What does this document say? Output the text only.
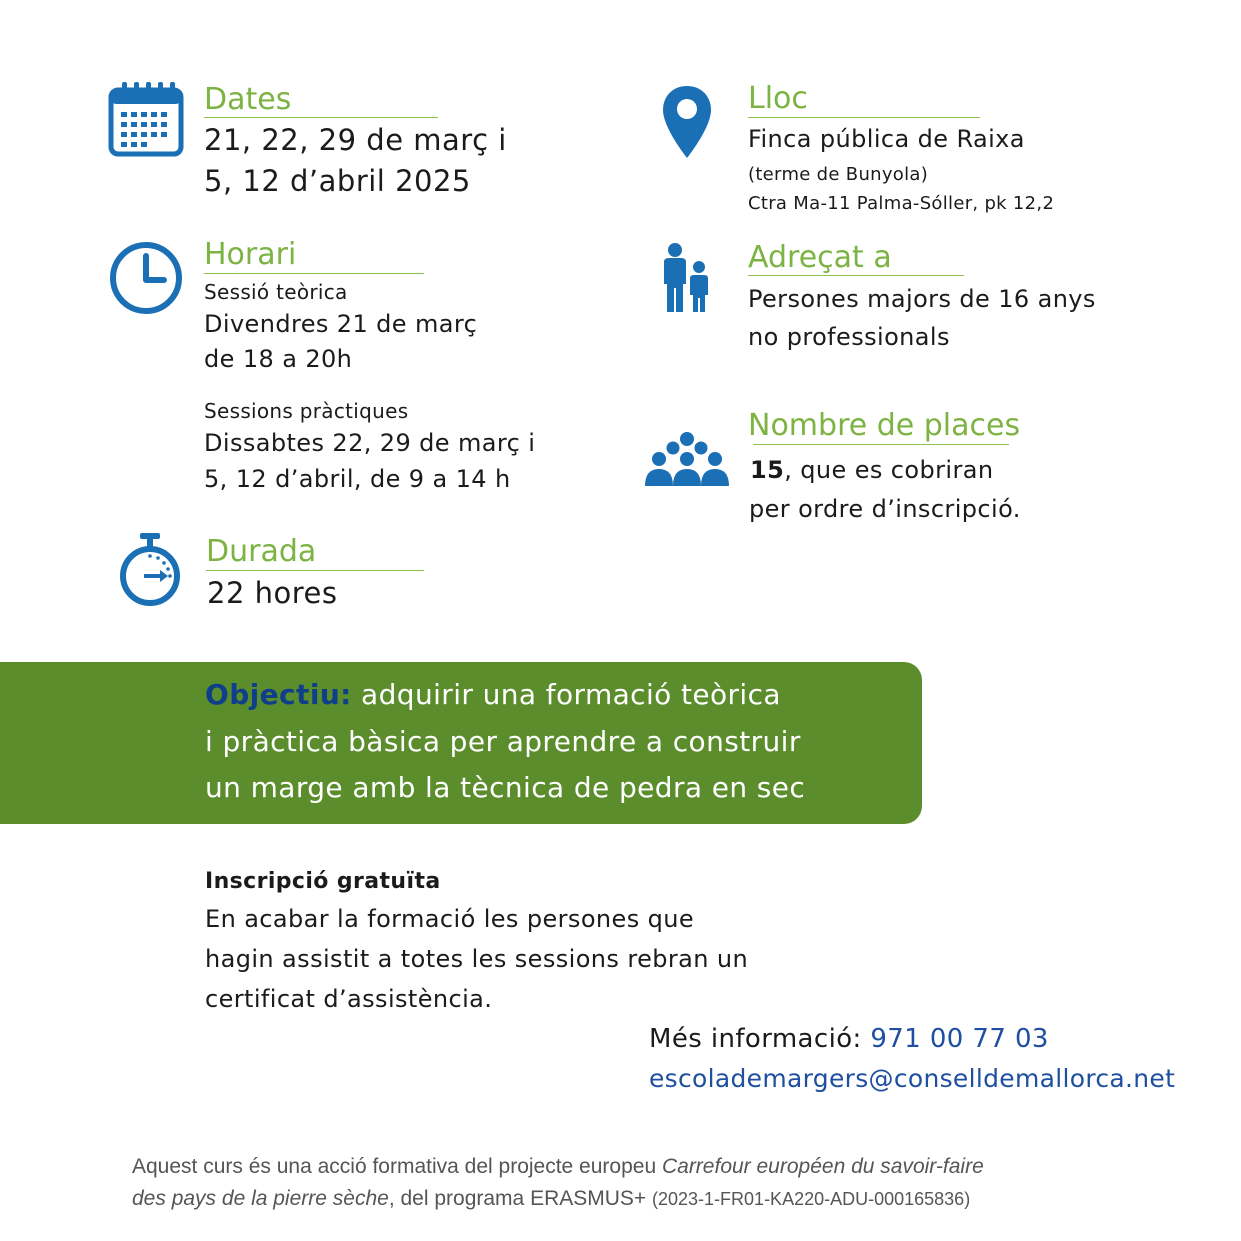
Dates
21, 22, 29 de març i
5, 12 d’abril 2025
Horari
Sessió teòrica
Divendres 21 de març
de 18 a 20h
Sessions pràctiques
Dissabtes 22, 29 de març i
5, 12 d’abril, de 9 a 14 h
Durada
22 hores
Lloc
Finca pública de Raixa
(terme de Bunyola)
Ctra Ma-11 Palma-Sóller, pk 12,2
Adreçat a
Persones majors de 16 anys
no professionals
Nombre de places
15, que es cobriran
per ordre d’inscripció.
Objectiu: adquirir una formació teòrica
i pràctica bàsica per aprendre a construir
un marge amb la tècnica de pedra en sec
Inscripció gratuïta
En acabar la formació les persones que
hagin assistit a totes les sessions rebran un
certificat d’assistència.
Més informació: 971 00 77 03
escolademargers@conselldemallorca.net
Aquest curs és una acció formativa del projecte europeu Carrefour européen du savoir-faire
des pays de la pierre sèche, del programa ERASMUS+ (2023-1-FR01-KA220-ADU-000165836)
